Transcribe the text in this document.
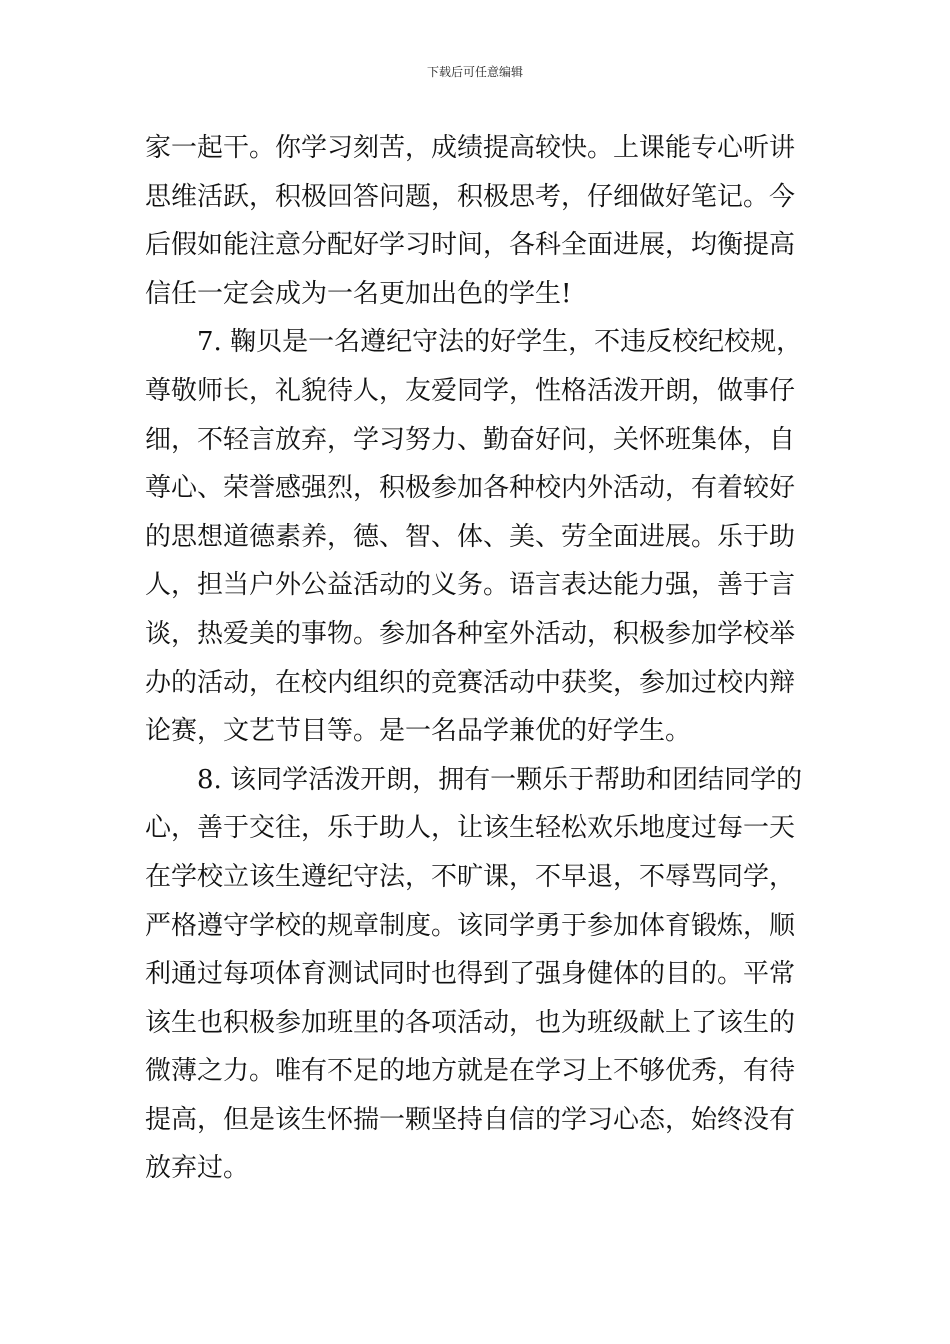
下载后可任意编辑
家一起干。你学习刻苦，成绩提高较快。上课能专心听讲
思维活跃，积极回答问题，积极思考，仔细做好笔记。今
后假如能注意分配好学习时间，各科全面进展，均衡提高
信任一定会成为一名更加出色的学生!
7. 鞠贝是一名遵纪守法的好学生，不违反校纪校规，
尊敬师长，礼貌待人，友爱同学，性格活泼开朗，做事仔
细，不轻言放弃，学习努力、勤奋好问，关怀班集体，自
尊心、荣誉感强烈，积极参加各种校内外活动，有着较好
的思想道德素养，德、智、体、美、劳全面进展。乐于助
人，担当户外公益活动的义务。语言表达能力强，善于言
谈，热爱美的事物。参加各种室外活动，积极参加学校举
办的活动，在校内组织的竞赛活动中获奖，参加过校内辩
论赛，文艺节目等。是一名品学兼优的好学生。
8. 该同学活泼开朗，拥有一颗乐于帮助和团结同学的
心，善于交往，乐于助人，让该生轻松欢乐地度过每一天
在学校立该生遵纪守法，不旷课，不早退，不辱骂同学，
严格遵守学校的规章制度。该同学勇于参加体育锻炼，顺
利通过每项体育测试同时也得到了强身健体的目的。平常
该生也积极参加班里的各项活动，也为班级献上了该生的
微薄之力。唯有不足的地方就是在学习上不够优秀，有待
提高，但是该生怀揣一颗坚持自信的学习心态，始终没有
放弃过。
